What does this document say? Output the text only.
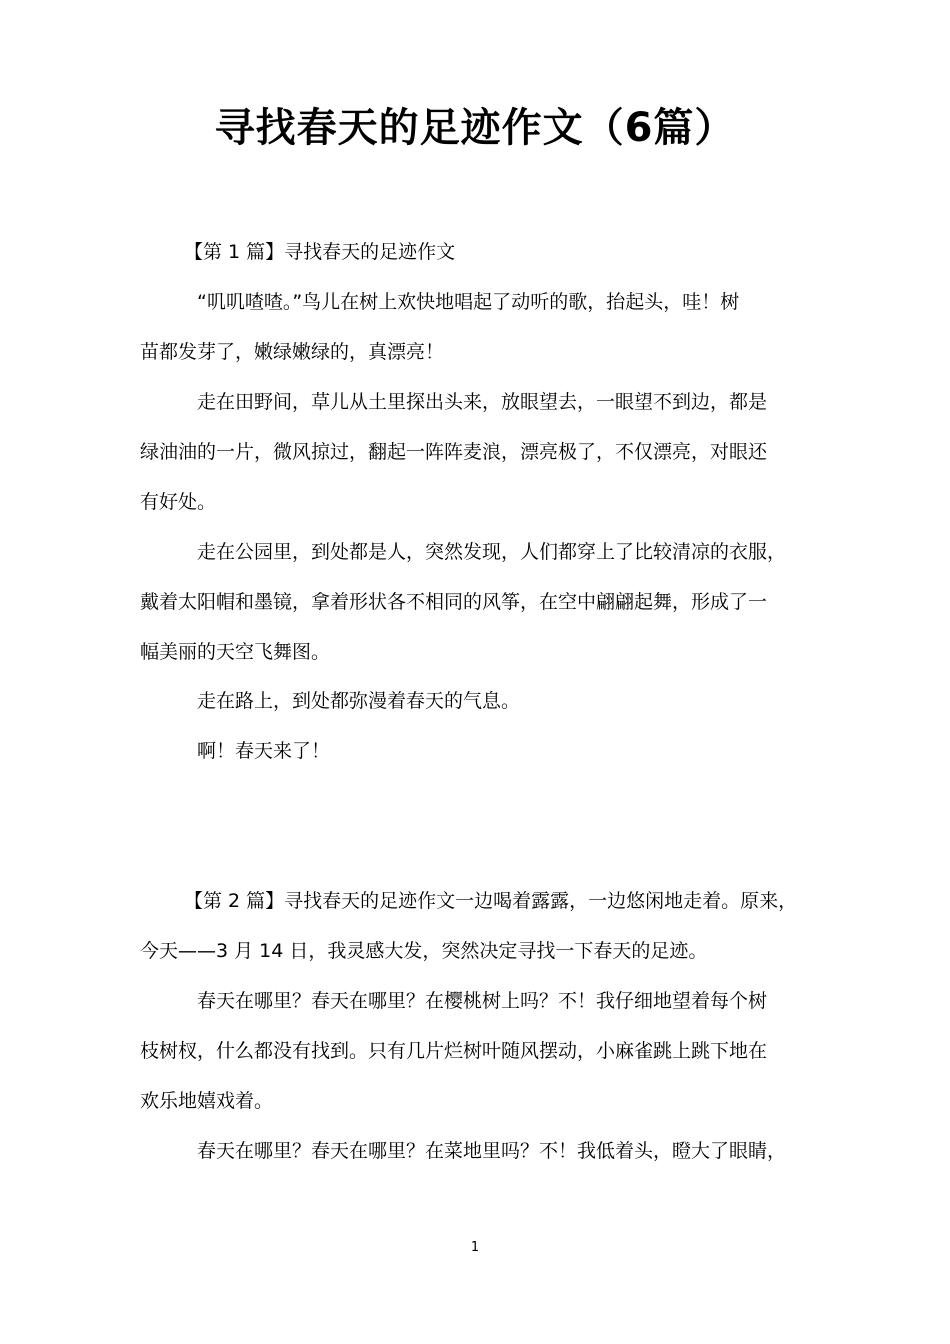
寻找春天的足迹作文（6篇）

【第 1 篇】寻找春天的足迹作文

“叽叽喳喳。”鸟儿在树上欢快地唱起了动听的歌，抬起头，哇！树

苗都发芽了，嫩绿嫩绿的，真漂亮！

走在田野间，草儿从土里探出头来，放眼望去，一眼望不到边，都是

绿油油的一片，微风掠过，翻起一阵阵麦浪，漂亮极了，不仅漂亮，对眼还

有好处。

走在公园里，到处都是人，突然发现，人们都穿上了比较清凉的衣服，

戴着太阳帽和墨镜，拿着形状各不相同的风筝，在空中翩翩起舞，形成了一

幅美丽的天空飞舞图。

走在路上，到处都弥漫着春天的气息。

啊！春天来了！

【第 2 篇】寻找春天的足迹作文一边喝着露露，一边悠闲地走着。原来，

今天——3 月 14 日，我灵感大发，突然决定寻找一下春天的足迹。

春天在哪里？春天在哪里？在樱桃树上吗？不！我仔细地望着每个树

枝树杈，什么都没有找到。只有几片烂树叶随风摆动，小麻雀跳上跳下地在

欢乐地嬉戏着。

春天在哪里？春天在哪里？在菜地里吗？不！我低着头，瞪大了眼睛，

1
